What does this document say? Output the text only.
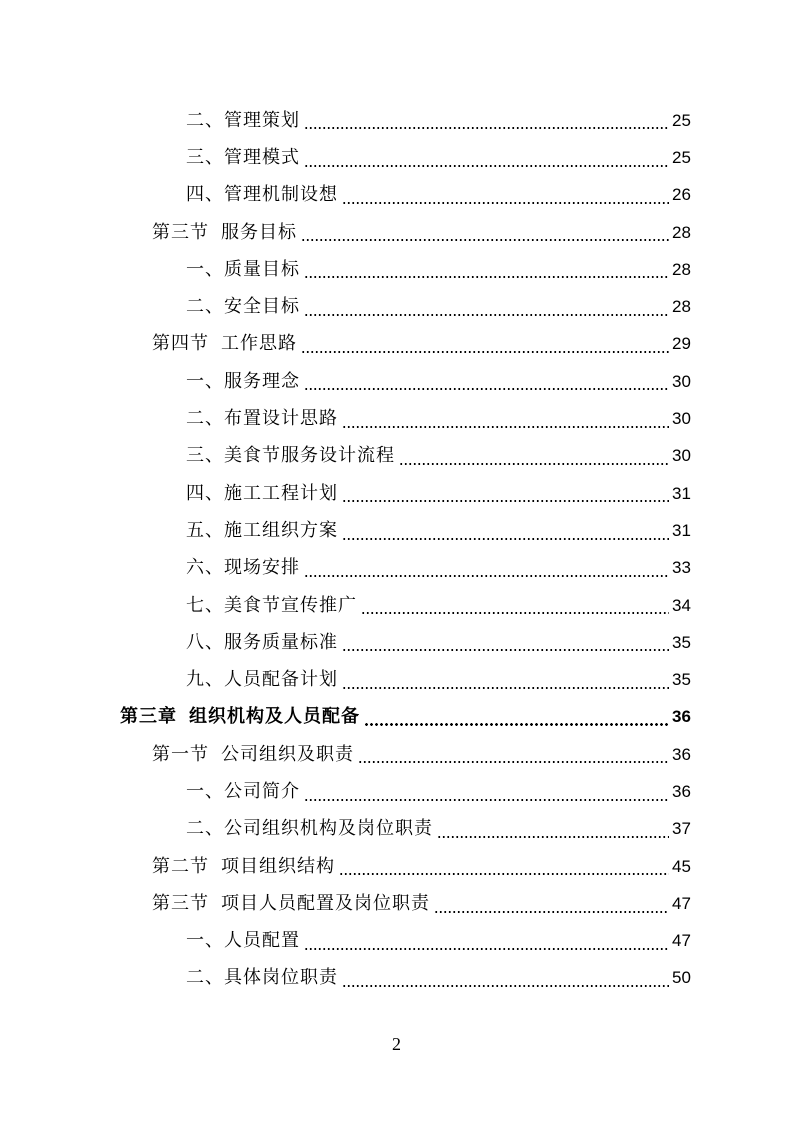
二、管理策划	25
三、管理模式	25
四、管理机制设想	26
第三节 服务目标	28
一、质量目标	28
二、安全目标	28
第四节 工作思路	29
一、服务理念	30
二、布置设计思路	30
三、美食节服务设计流程	30
四、施工工程计划	31
五、施工组织方案	31
六、现场安排	33
七、美食节宣传推广	34
八、服务质量标准	35
九、人员配备计划	35
第三章 组织机构及人员配备	36
第一节 公司组织及职责	36
一、公司简介	36
二、公司组织机构及岗位职责	37
第二节 项目组织结构	45
第三节 项目人员配置及岗位职责	47
一、人员配置	47
二、具体岗位职责	50
2
